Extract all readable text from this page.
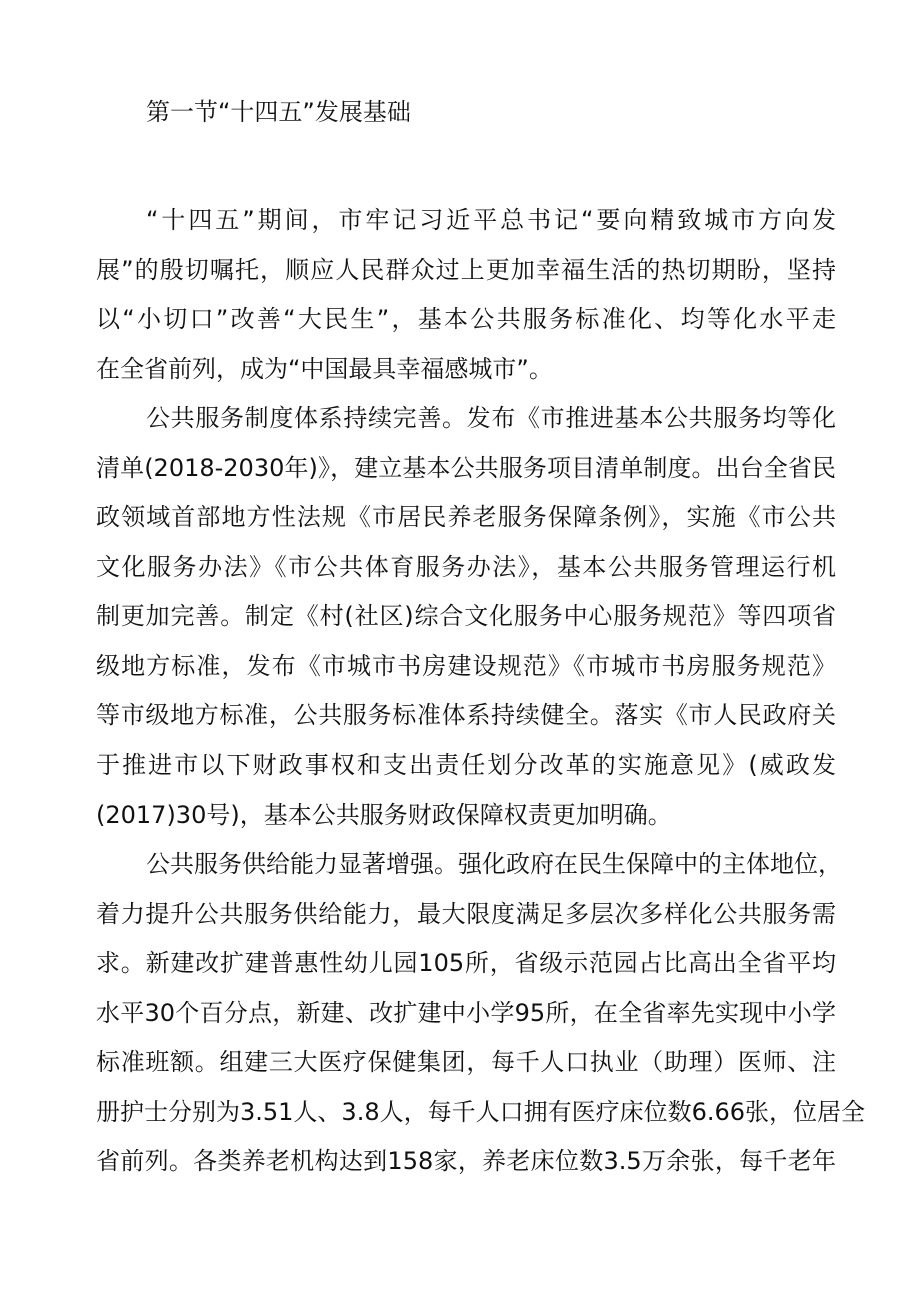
第一节“十四五”发展基础
“十四五”期间，市牢记习近平总书记“要向精致城市方向发
展”的殷切嘱托，顺应人民群众过上更加幸福生活的热切期盼，坚持
以“小切口”改善“大民生”，基本公共服务标准化、均等化水平走
在全省前列，成为“中国最具幸福感城市”。
公共服务制度体系持续完善。发布《市推进基本公共服务均等化
清单(2018-2030年)》，建立基本公共服务项目清单制度。出台全省民
政领域首部地方性法规《市居民养老服务保障条例》，实施《市公共
文化服务办法》《市公共体育服务办法》，基本公共服务管理运行机
制更加完善。制定《村(社区)综合文化服务中心服务规范》等四项省
级地方标准，发布《市城市书房建设规范》《市城市书房服务规范》
等市级地方标准，公共服务标准体系持续健全。落实《市人民政府关
于推进市以下财政事权和支出责任划分改革的实施意见》(威政发
(2017)30号)，基本公共服务财政保障权责更加明确。
公共服务供给能力显著增强。强化政府在民生保障中的主体地位，
着力提升公共服务供给能力，最大限度满足多层次多样化公共服务需
求。新建改扩建普惠性幼儿园105所，省级示范园占比高出全省平均
水平30个百分点，新建、改扩建中小学95所，在全省率先实现中小学
标准班额。组建三大医疗保健集团，每千人口执业（助理）医师、注
册护士分别为3.51人、3.8人，每千人口拥有医疗床位数6.66张，位居全
省前列。各类养老机构达到158家，养老床位数3.5万余张，每千老年
